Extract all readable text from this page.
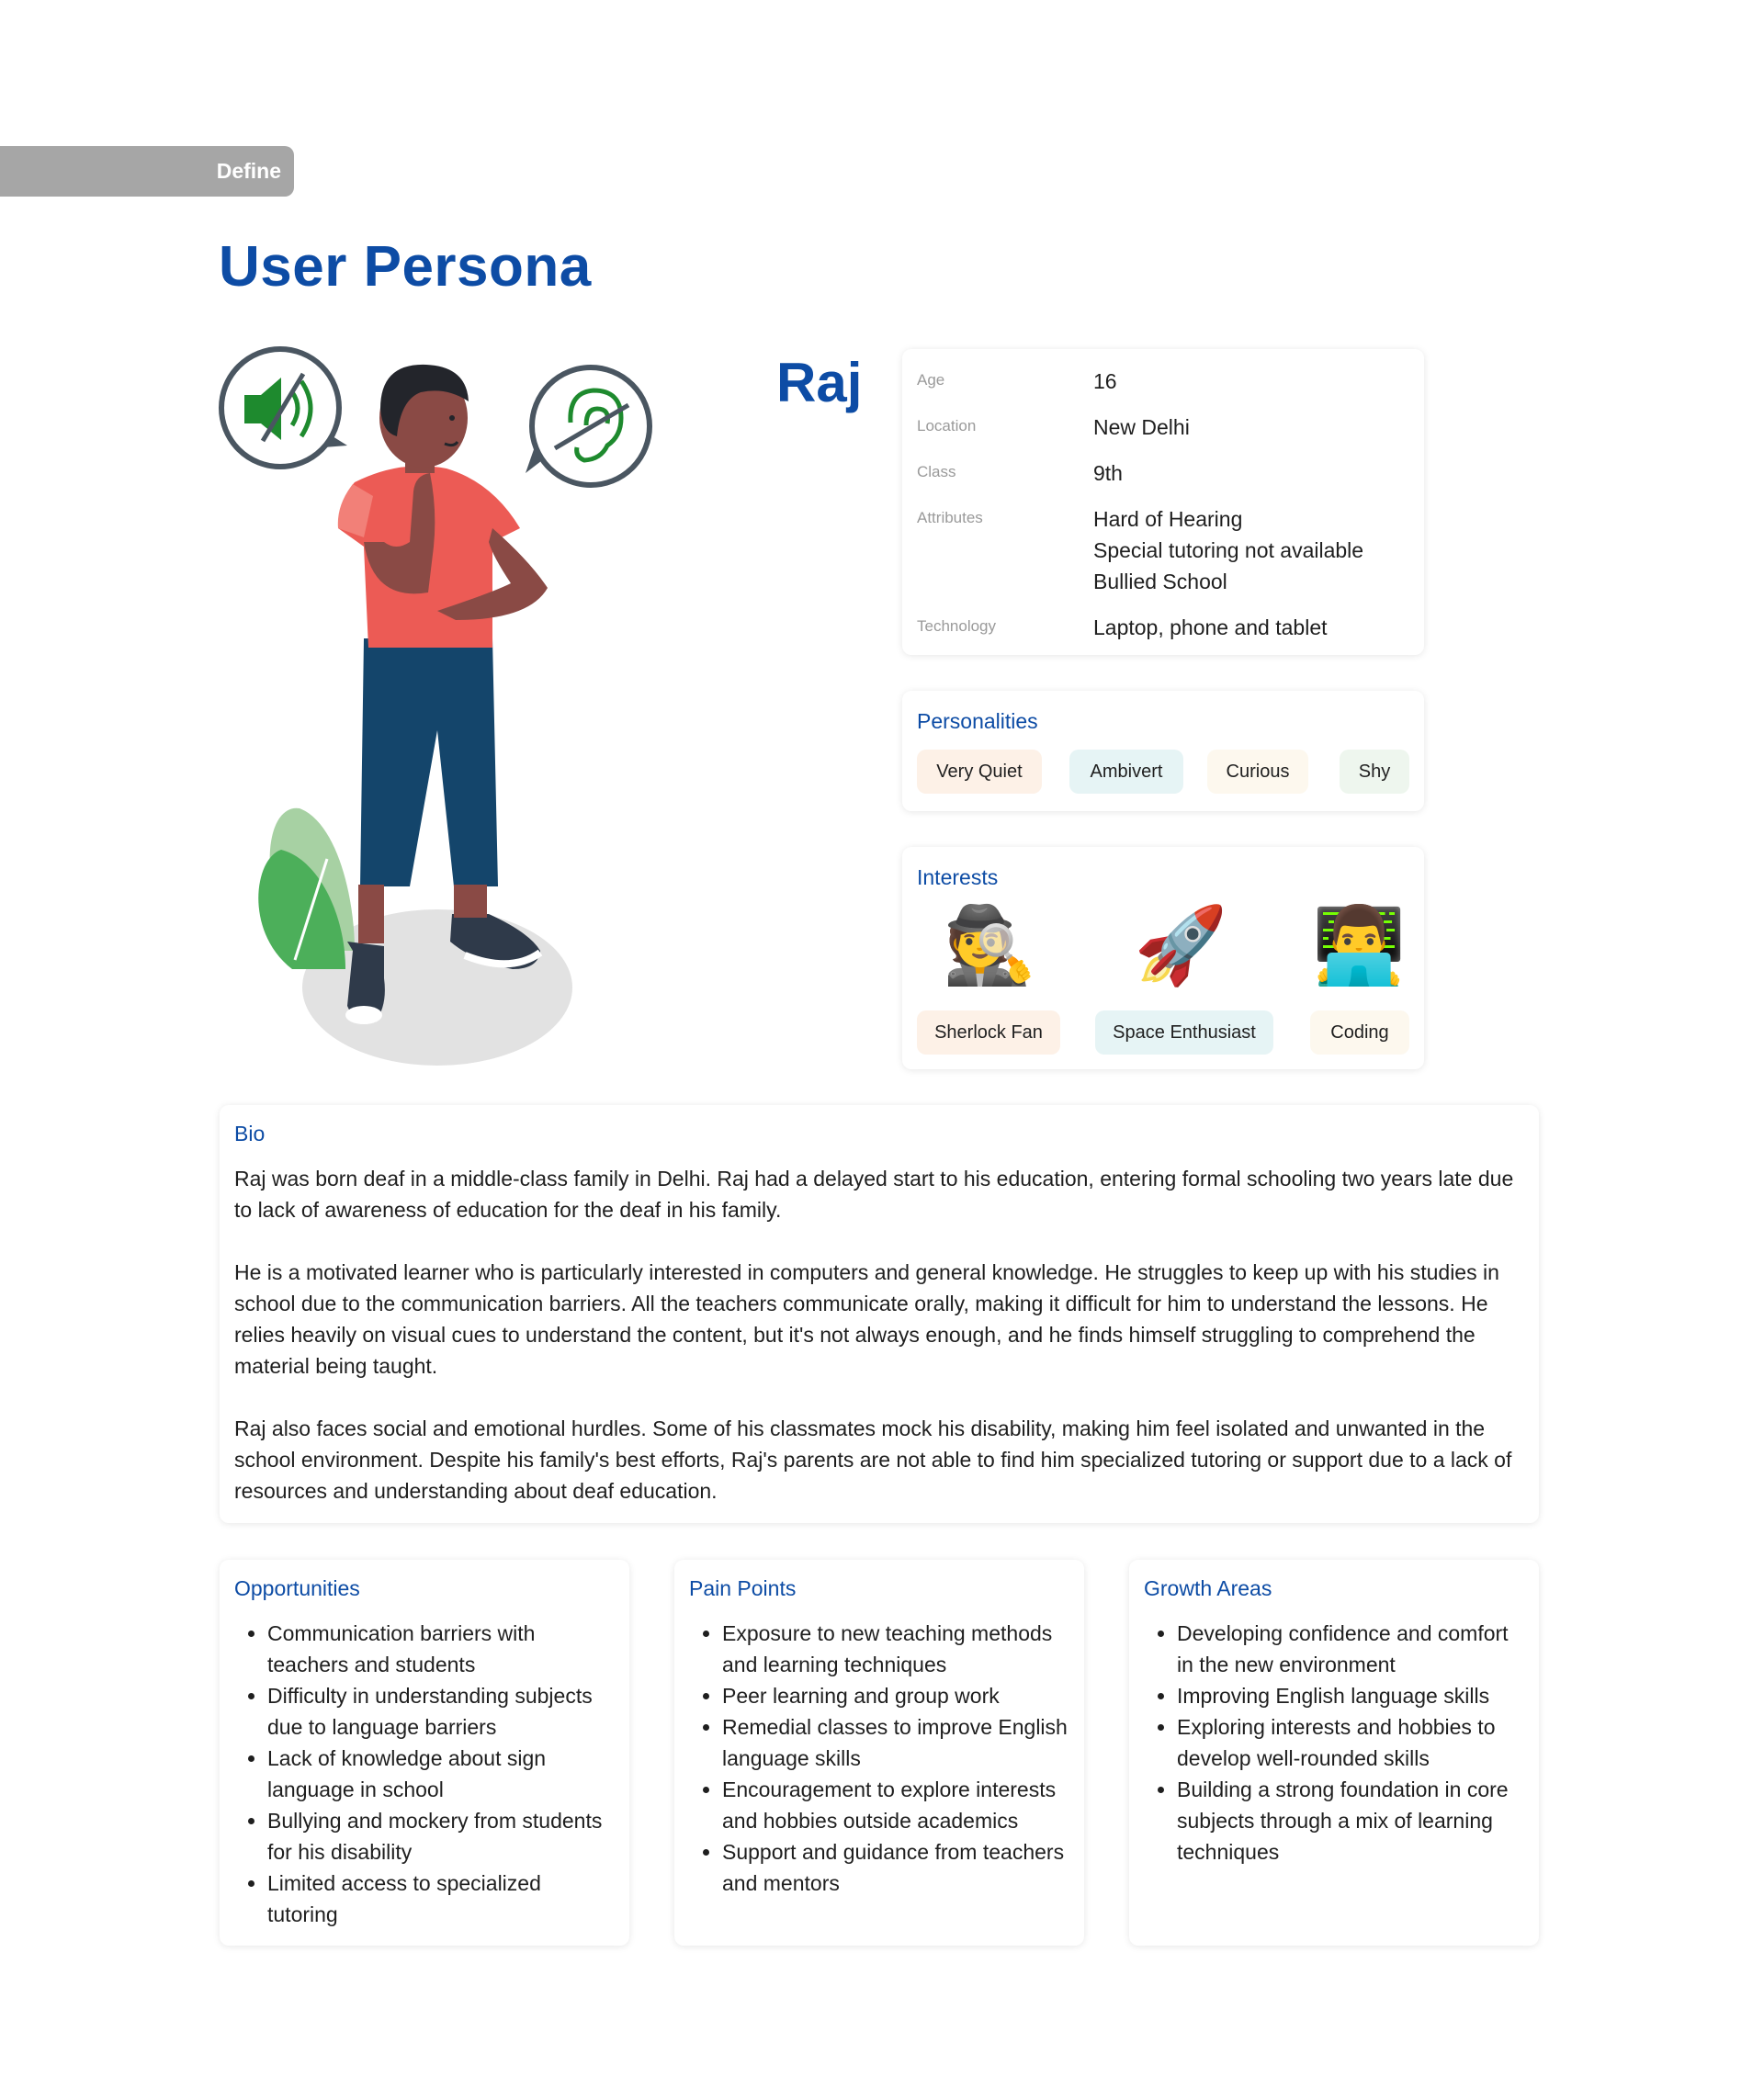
Define
User Persona
Raj	Age	16
Location	New Delhi
Class	9th
Attributes	Hard of Hearing
Special tutoring not available
Bullied School
Technology	Laptop, phone and tablet
Personalities
Very Quiet	Ambivert	Curious	Shy
Interests
🕵️ 🚀 👨‍💻
Sherlock Fan	Space Enthusiast	Coding
Bio

Raj was born deaf in a middle-class family in Delhi. Raj had a delayed start to his education, entering formal schooling two years late due to lack of awareness of education for the deaf in his family.

He is a motivated learner who is particularly interested in computers and general knowledge. He struggles to keep up with his studies in school due to the communication barriers. All the teachers communicate orally, making it difficult for him to understand the lessons. He relies heavily on visual cues to understand the content, but it's not always enough, and he finds himself struggling to comprehend the material being taught.

Raj also faces social and emotional hurdles. Some of his classmates mock his disability, making him feel isolated and unwanted in the school environment. Despite his family's best efforts, Raj's parents are not able to find him specialized tutoring or support due to a lack of resources and understanding about deaf education.

Opportunities
• Communication barriers with teachers and students
• Difficulty in understanding subjects due to language barriers
• Lack of knowledge about sign language in school
• Bullying and mockery from students for his disability
• Limited access to specialized tutoring
Pain Points
• Exposure to new teaching methods and learning techniques
• Peer learning and group work
• Remedial classes to improve English language skills
• Encouragement to explore interests and hobbies outside academics
• Support and guidance from teachers and mentors
Growth Areas
• Developing confidence and comfort in the new environment
• Improving English language skills
• Exploring interests and hobbies to develop well-rounded skills
• Building a strong foundation in core subjects through a mix of learning techniques
